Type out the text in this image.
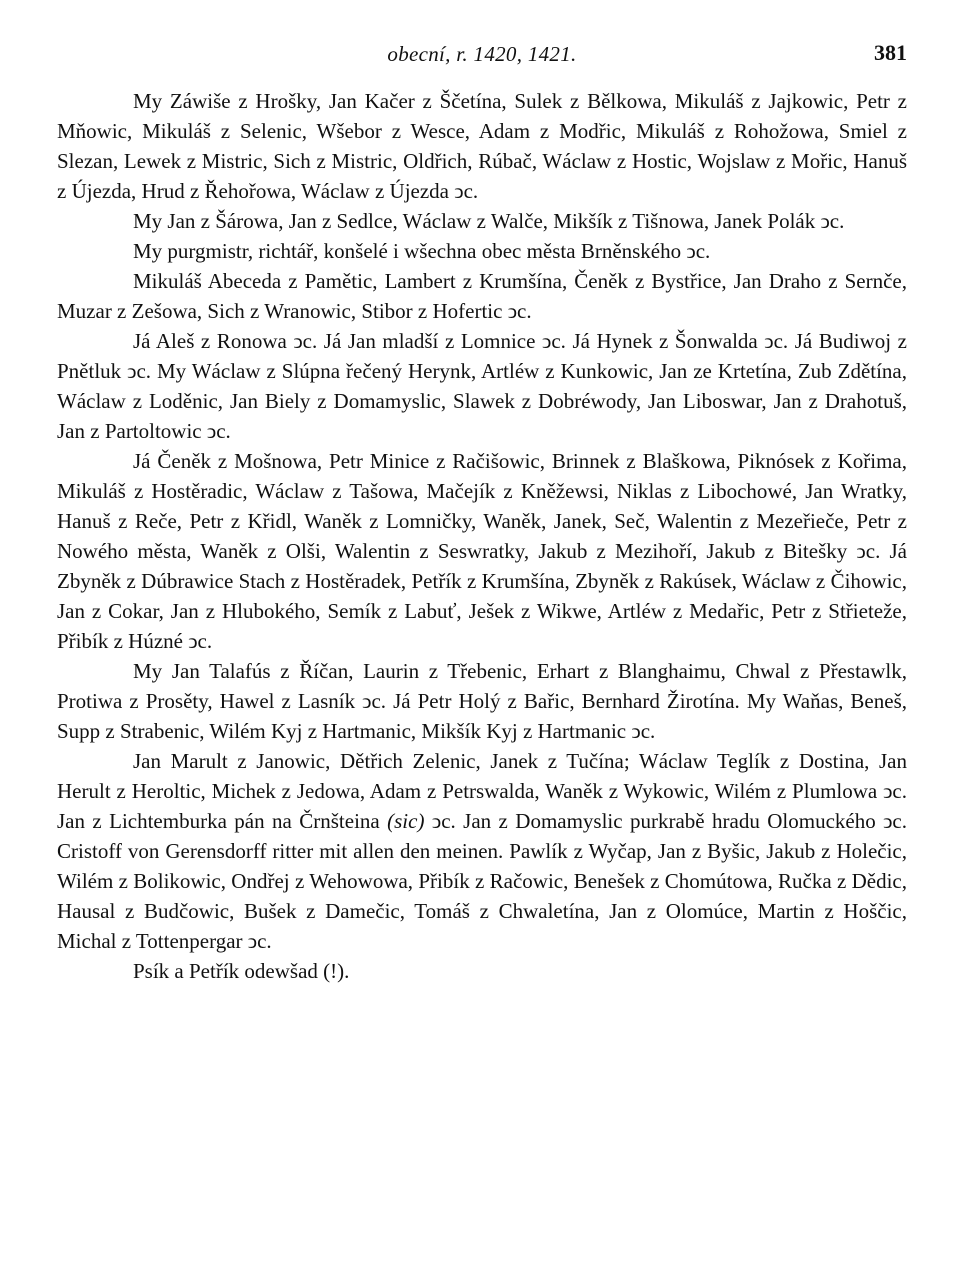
obecní, r. 1420, 1421.	381

My Záwiše z Hrošky, Jan Kačer z Ščetína, Sulek z Bělkowa, Mikuláš z Jajkowic, Petr z Mňowic, Mikuláš z Selenic, Wšebor z Wesce, Adam z Modřic, Mikuláš z Rohožowa, Smiel z Slezan, Lewek z Mistric, Sich z Mistric, Oldřich, Rúbač, Wáclaw z Hostic, Wojslaw z Mořic, Hanuš z Újezda, Hrud z Řehořowa, Wáclaw z Újezda ͻc.

My Jan z Šárowa, Jan z Sedlce, Wáclaw z Walče, Mikšík z Tišnowa, Janek Polák ͻc.

My purgmistr, richtář, konšelé i wšechna obec města Brněnského ͻc.

Mikuláš Abeceda z Pamětic, Lambert z Krumšína, Čeněk z Bystřice, Jan Draho z Sernče, Muzar z Zešowa, Sich z Wranowic, Stibor z Hofertic ͻc.

Já Aleš z Ronowa ͻc. Já Jan mladší z Lomnice ͻc. Já Hynek z Šonwalda ͻc. Já Budiwoj z Pnětluk ͻc. My Wáclaw z Slúpna řečený Herynk, Artléw z Kunkowic, Jan ze Krtetína, Zub Zdětína, Wáclaw z Loděnic, Jan Biely z Domamyslic, Slawek z Dobréwody, Jan Liboswar, Jan z Drahotuš, Jan z Partoltowic ͻc.

Já Čeněk z Mošnowa, Petr Minice z Račišowic, Brinnek z Blaškowa, Piknósek z Kořima, Mikuláš z Hostěradic, Wáclaw z Tašowa, Mačejík z Kněžewsi, Niklas z Libochowé, Jan Wratky, Hanuš z Reče, Petr z Křidl, Waněk z Lomničky, Waněk, Janek, Seč, Walentin z Mezeřieče, Petr z Nowého města, Waněk z Olši, Walentin z Seswratky, Jakub z Mezihoří, Jakub z Bitešky ͻc. Já Zbyněk z Dúbrawice Stach z Hostěradek, Petřík z Krumšína, Zbyněk z Rakúsek, Wáclaw z Čihowic, Jan z Cokar, Jan z Hlubokého, Semík z Labuť, Ješek z Wikwe, Artléw z Medařic, Petr z Střieteže, Přibík z Húzné ͻc.

My Jan Talafús z Říčan, Laurin z Třebenic, Erhart z Blanghaimu, Chwal z Přestawlk, Protiwa z Prosěty, Hawel z Lasník ͻc. Já Petr Holý z Bařic, Bernhard Žirotína. My Waňas, Beneš, Supp z Strabenic, Wilém Kyj z Hartmanic, Mikšík Kyj z Hartmanic ͻc.

Jan Marult z Janowic, Dětřich Zelenic, Janek z Tučína; Wáclaw Teglík z Dostina, Jan Herult z Heroltic, Michek z Jedowa, Adam z Petrswalda, Waněk z Wykowic, Wilém z Plumlowa ͻc. Jan z Lichtemburka pán na Črnšteina (sic) ͻc. Jan z Domamyslic purkrabě hradu Olomuckého ͻc. Cristoff von Gerensdorff ritter mit allen den meinen. Pawlík z Wyčap, Jan z Byšic, Jakub z Holečic, Wilém z Bolikowic, Ondřej z Wehowowa, Přibík z Račowic, Benešek z Chomútowa, Ručka z Dědic, Hausal z Budčowic, Bušek z Damečic, Tomáš z Chwaletína, Jan z Olomúce, Martin z Hoščic, Michal z Tottenpergar ͻc.

Psík a Petřík odewšad (!).
